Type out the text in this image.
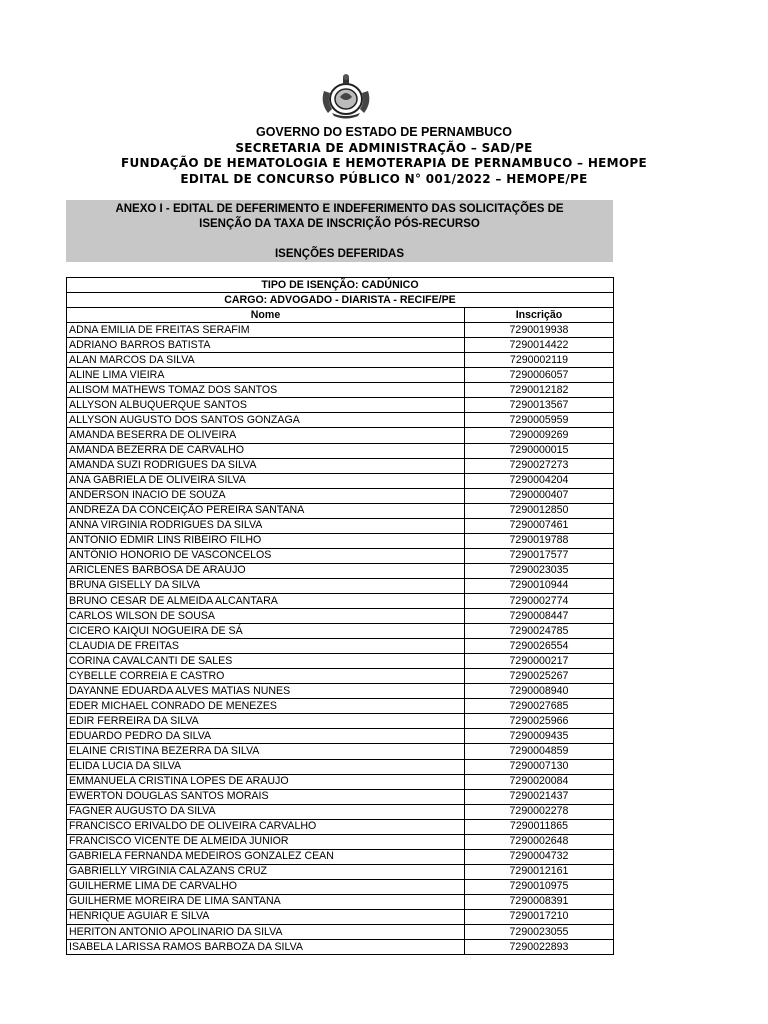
GOVERNO DO ESTADO DE PERNAMBUCO
SECRETARIA DE ADMINISTRAÇÃO – SAD/PE
FUNDAÇÃO DE HEMATOLOGIA E HEMOTERAPIA DE PERNAMBUCO – HEMOPE
EDITAL DE CONCURSO PÚBLICO N° 001/2022 – HEMOPE/PE
ANEXO I - EDITAL DE DEFERIMENTO E INDEFERIMENTO DAS SOLICITAÇÕES DE
ISENÇÃO DA TAXA DE INSCRIÇÃO PÓS-RECURSO
ISENÇÕES DEFERIDAS
TIPO DE ISENÇÃO: CADÚNICO	
CARGO: ADVOGADO - DIARISTA - RECIFE/PE	
Nome	Inscrição
ADNA EMILIA DE FREITAS SERAFIM	7290019938
ADRIANO BARROS BATISTA	7290014422
ALAN MARCOS DA SILVA	7290002119
ALINE LIMA VIEIRA	7290006057
ALISOM MATHEWS TOMAZ DOS SANTOS	7290012182
ALLYSON ALBUQUERQUE SANTOS	7290013567
ALLYSON AUGUSTO DOS SANTOS GONZAGA	7290005959
AMANDA BESERRA DE OLIVEIRA	7290009269
AMANDA BEZERRA DE CARVALHO	7290000015
AMANDA SUZI RODRIGUES DA SILVA	7290027273
ANA GABRIELA DE OLIVEIRA SILVA	7290004204
ANDERSON INACIO DE SOUZA	7290000407
ANDREZA DA CONCEIÇÃO PEREIRA SANTANA	7290012850
ANNA VIRGINIA RODRIGUES DA SILVA	7290007461
ANTONIO EDMIR LINS RIBEIRO FILHO	7290019788
ANTÔNIO HONORIO DE VASCONCELOS	7290017577
ARICLENES BARBOSA DE ARAÚJO	7290023035
BRUNA GISELLY DA SILVA	7290010944
BRUNO CESAR DE ALMEIDA ALCANTARA	7290002774
CARLOS WILSON DE SOUSA	7290008447
CICERO KAIQUI NOGUEIRA DE SÁ	7290024785
CLAUDIA DE FREITAS	7290026554
CORINA CAVALCANTI DE SALES	7290000217
CYBELLE CORREIA E CASTRO	7290025267
DAYANNE EDUARDA ALVES MATIAS NUNES	7290008940
EDER MICHAEL CONRADO DE MENEZES	7290027685
EDIR FERREIRA DA SILVA	7290025966
EDUARDO PEDRO DA SILVA	7290009435
ELAINE CRISTINA BEZERRA DA SILVA	7290004859
ELIDA LUCIA DA SILVA	7290007130
EMMANUELA CRISTINA LOPES DE ARAUJO	7290020084
EWERTON DOUGLAS SANTOS MORAIS	7290021437
FAGNER AUGUSTO DA SILVA	7290002278
FRANCISCO ERIVALDO DE OLIVEIRA CARVALHO	7290011865
FRANCISCO VICENTE DE ALMEIDA JUNIOR	7290002648
GABRIELA FERNANDA MEDEIROS GONZALEZ CEAN	7290004732
GABRIELLY VIRGINIA CALAZANS CRUZ	7290012161
GUILHERME LIMA DE CARVALHO	7290010975
GUILHERME MOREIRA DE LIMA SANTANA	7290008391
HENRIQUE AGUIAR E SILVA	7290017210
HERITON ANTONIO APOLINARIO DA SILVA	7290023055
ISABELA LARISSA RAMOS BARBOZA DA SILVA	7290022893
